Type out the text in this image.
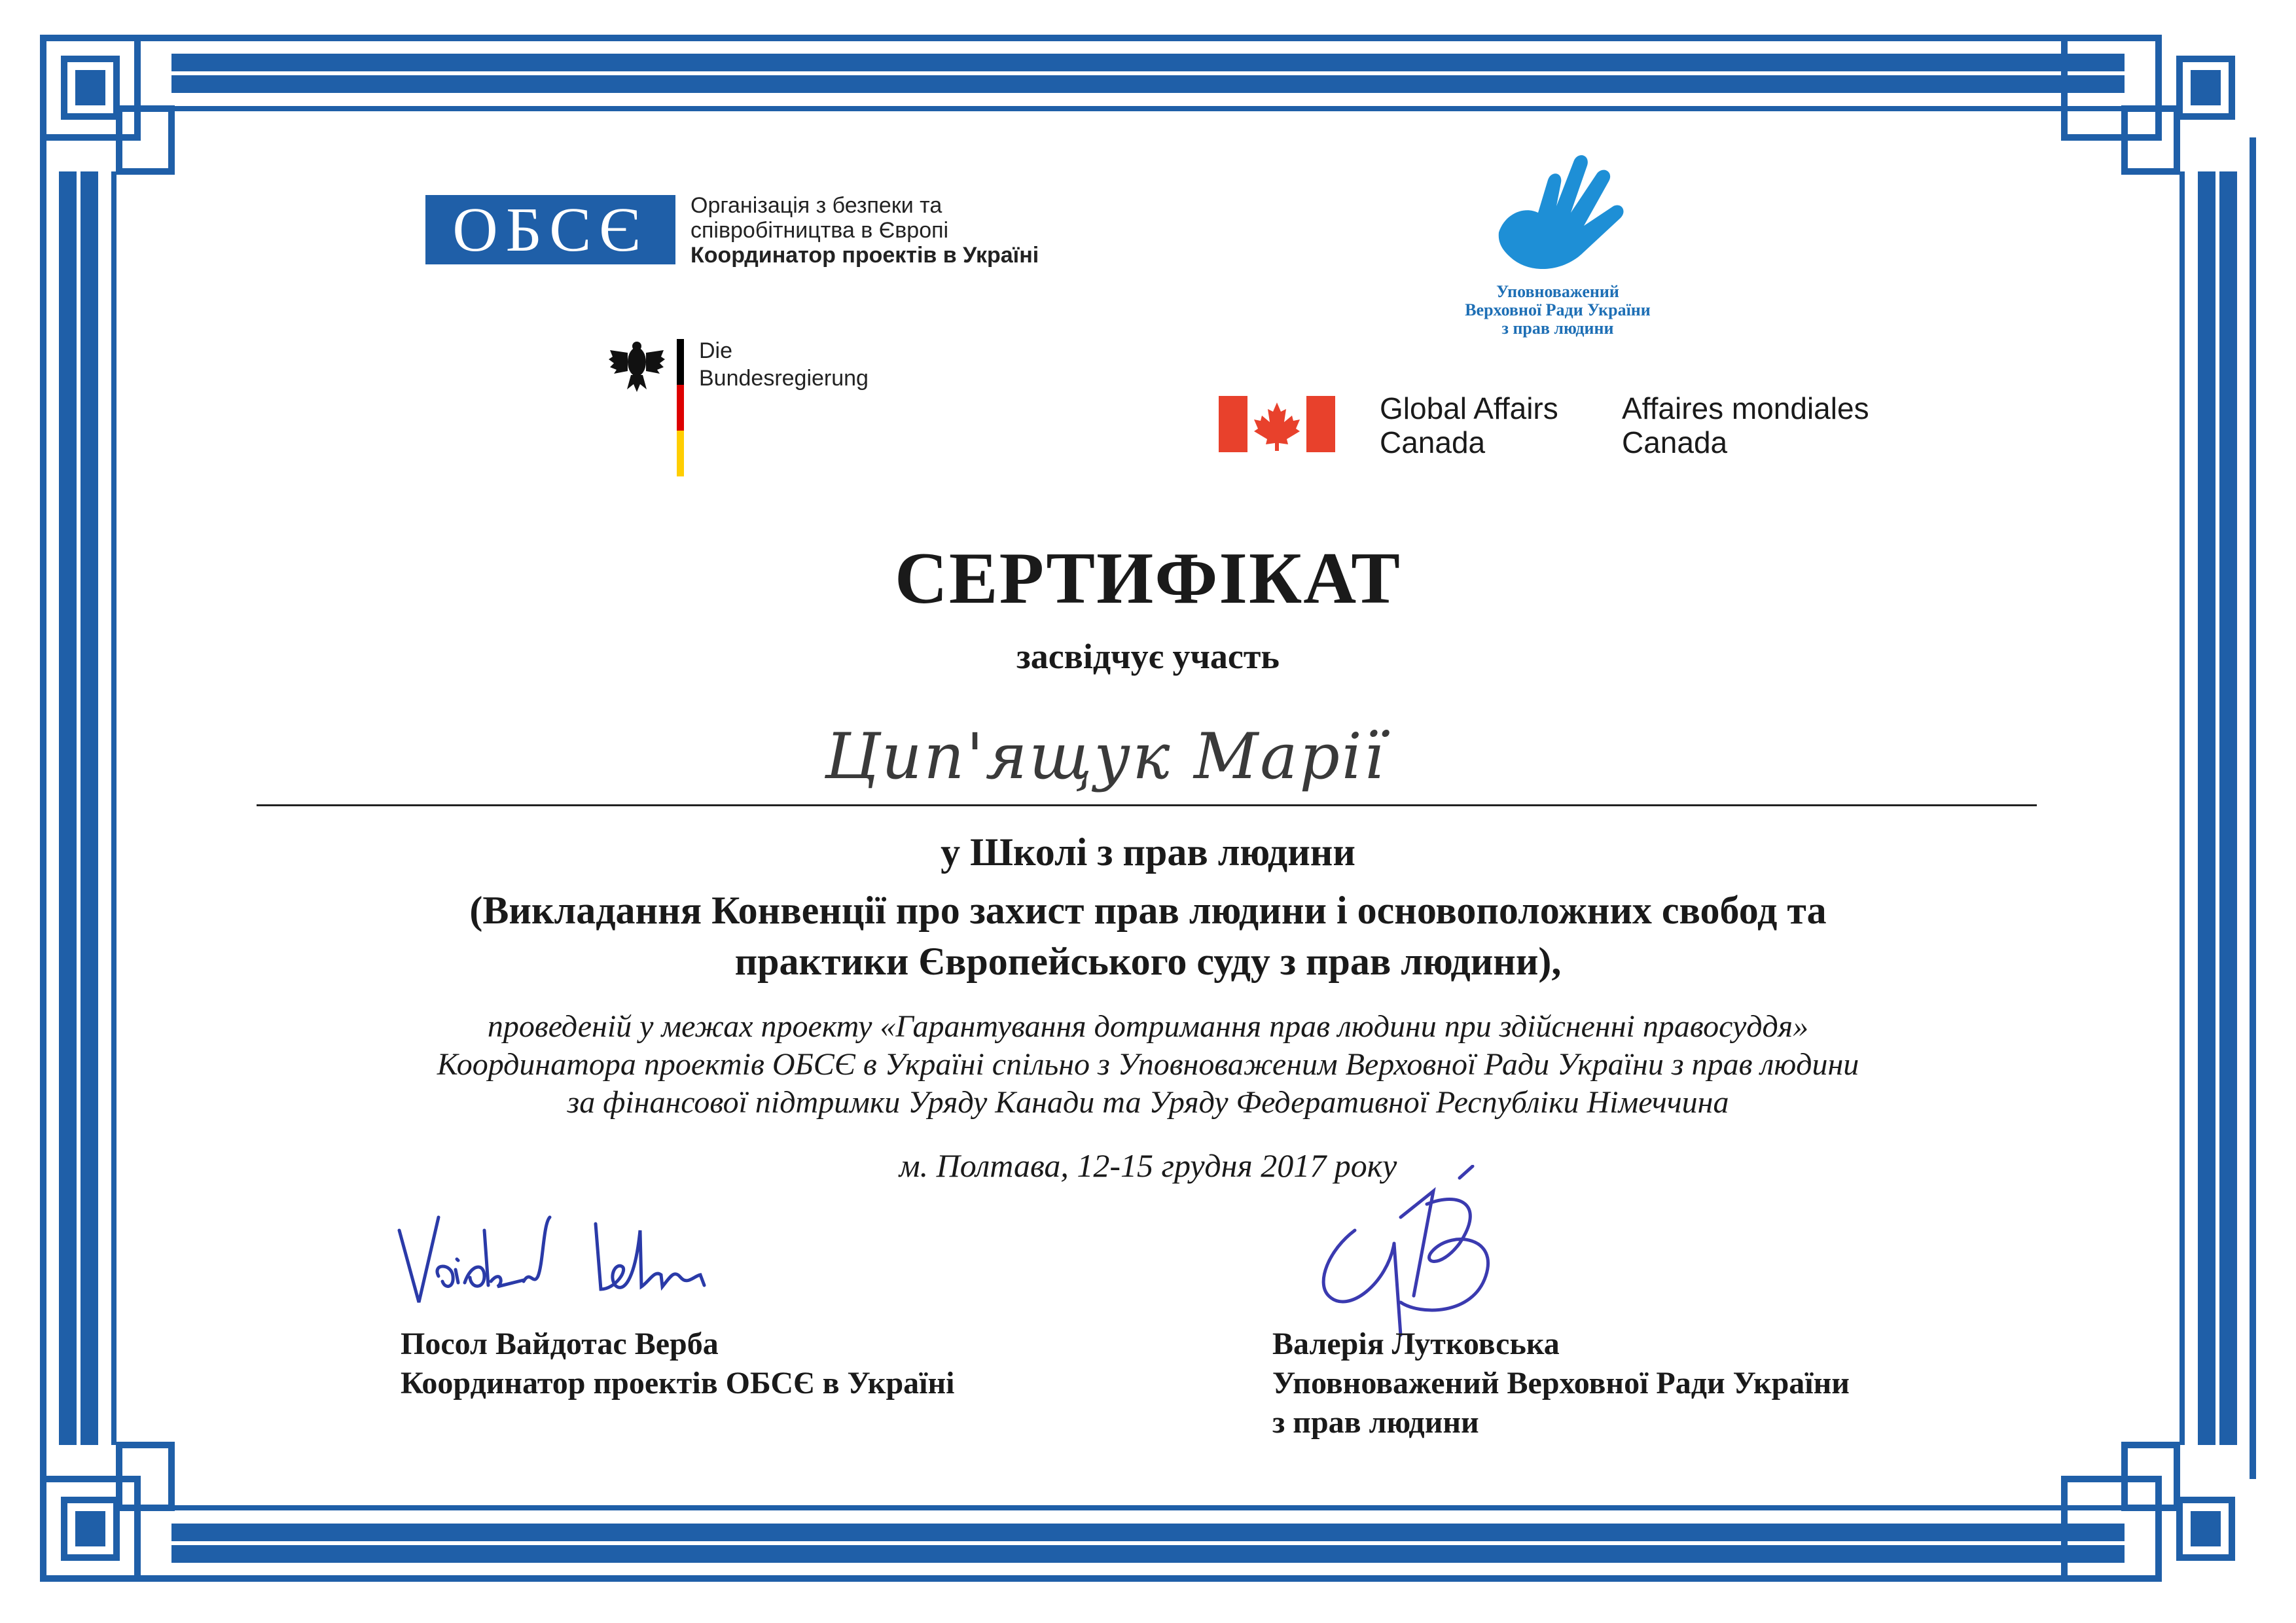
ОБСЄ Організація з безпеки та
співробітництва в Європі
Координатор проектів в Україні
Die
Bundesregierung
Уповноважений
Верховної Ради України
з прав людини
Global Affairs
Canada
Affaires mondiales
Canada
СЕРТИФІКАТ
засвідчує участь
Цип'ящук Марії
у Школі з прав людини
(Викладання Конвенції про захист прав людини і основоположних свобод та
практики Європейського суду з прав людини),
проведеній у межах проекту «Гарантування дотримання прав людини при здійсненні правосуддя»
Координатора проектів ОБСЄ в Україні спільно з Уповноваженим Верховної Ради України з прав людини
за фінансової підтримки Уряду Канади та Уряду Федеративної Республіки Німеччина
м. Полтава, 12-15 грудня 2017 року
Посол Вайдотас Верба
Координатор проектів ОБСЄ в Україні
Валерія Лутковська
Уповноважений Верховної Ради України
з прав людини
